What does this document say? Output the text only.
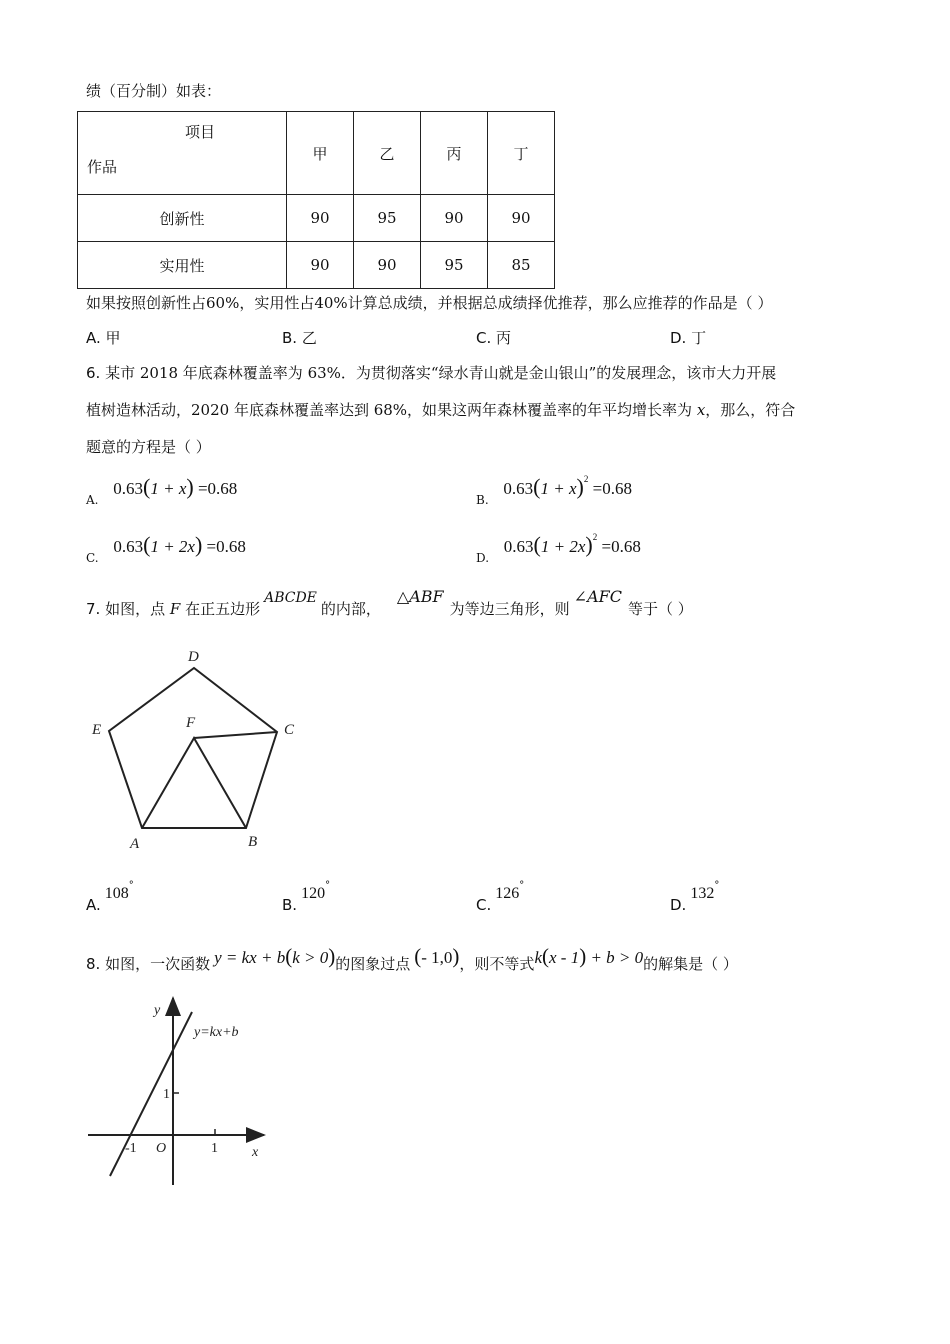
绩（百分制）如表：
项目
作品	甲	乙	丙	丁
创新性	90	95	90	90
实用性	90	90	95	85
如果按照创新性占60%，实用性占40%计算总成绩，并根据总成绩择优推荐，那么应推荐的作品是（ ）
A. 甲	B. 乙	C. 丙	D. 丁
6. 某市 2018 年底森林覆盖率为 63%．为贯彻落实“绿水青山就是金山银山”的发展理念，该市大力开展
植树造林活动，2020 年底森林覆盖率达到 68%，如果这两年森林覆盖率的年平均增长率为 x，那么，符合
题意的方程是（ ）
$_{A.}$ 0.63(1 + x) =0.68
$_{B.}$ $0.63(1 + x)^2 =0.68$
$_{C.}$ 0.63(1 + 2x) =0.68
$_{D.}$ $0.63(1 + 2x)^2 =0.68$
7. 如图，点 F 在正五边形ABCDE的内部，△ABF为等边三角形，则∠AFC等于（ ）
D
E	F	C
A	B
A.108°
B.120°
C.126°
D.132°
8. 如图，一次函数 y = kx + b(k > 0)的图象过点 (- 1,0)，则不等式k(x - 1) + b > 0的解集是（ ）
y
y=kx+b
1
-1 O	1 x
